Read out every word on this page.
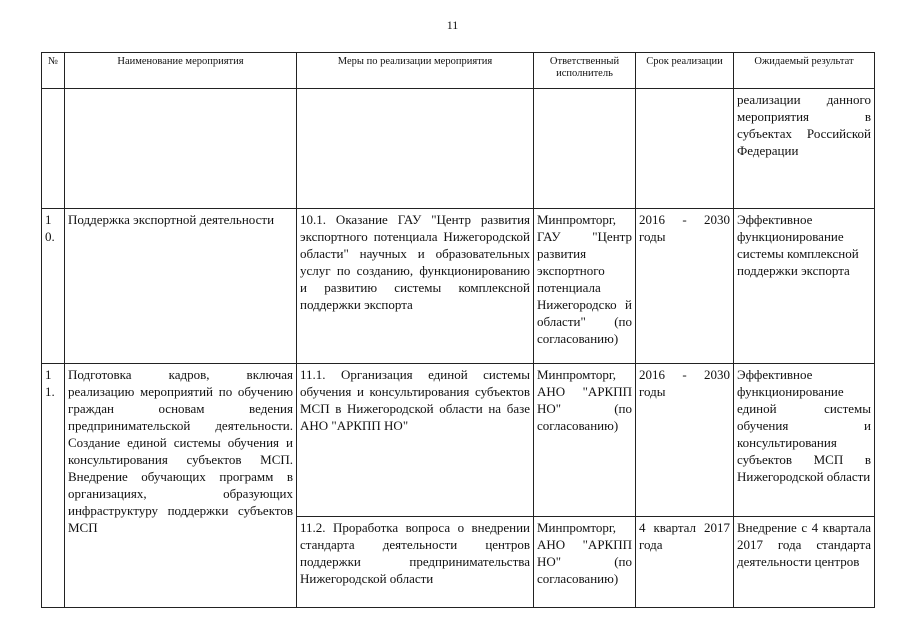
11
№	Наименование мероприятия	Меры по реализации мероприятия	Ответственный исполнитель	Срок реализации	Ожидаемый результат
					реализации данного мероприятия в субъектах Российской Федерации
1 0.	Поддержка экспортной деятельности	10.1. Оказание ГАУ "Центр развития экспортного потенциала Нижегородской области" научных и образовательных услуг по созданию, функционированию и развитию системы комплексной поддержки экспорта	Минпромторг, ГАУ "Центр развития экспортного потенциала Нижегородско й области" (по согласованию)	2016 - 2030 годы	Эффективное функционирование системы комплексной поддержки экспорта
1 1.	Подготовка кадров, включая реализацию мероприятий по обучению граждан основам ведения предпринимательской деятельности. Создание единой системы обучения и консультирования субъектов МСП. Внедрение обучающих программ в организациях, образующих инфраструктуру поддержки субъектов МСП	11.1. Организация единой системы обучения и консультирования субъектов МСП в Нижегородской области на базе АНО "АРКПП НО"	Минпромторг, АНО "АРКПП НО" (по согласованию)	2016 - 2030 годы	Эффективное функционирование единой системы обучения и консультирования субъектов МСП в Нижегородской области
		11.2. Проработка вопроса о внедрении стандарта деятельности центров поддержки предпринимательства Нижегородской области	Минпромторг, АНО "АРКПП НО" (по согласованию)	4 квартал 2017 года	Внедрение с 4 квартала 2017 года стандарта деятельности центров
